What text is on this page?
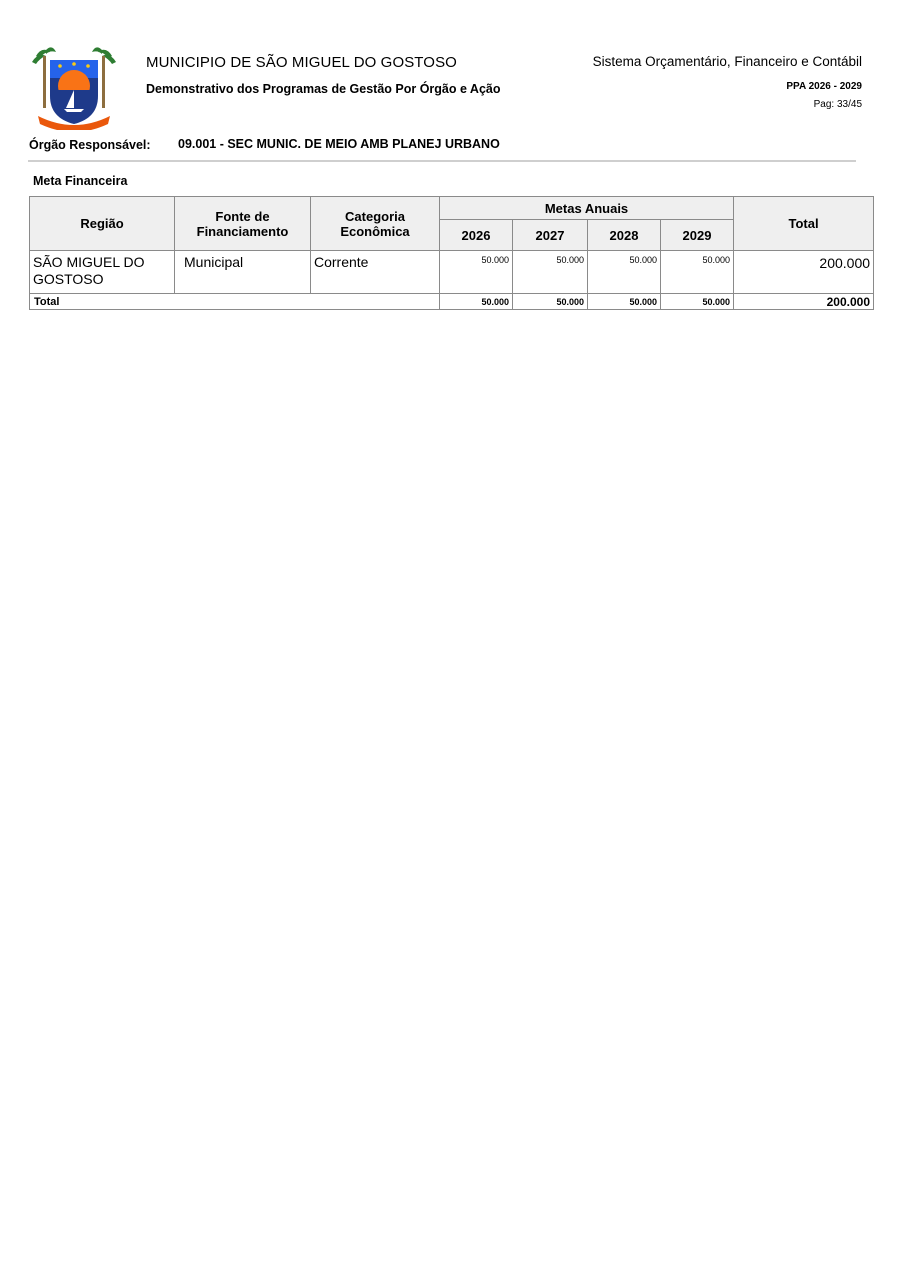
MUNICIPIO DE SÃO MIGUEL DO GOSTOSO
Demonstrativo dos Programas de Gestão Por Órgão e Ação
Sistema Orçamentário, Financeiro e Contábil
PPA 2026 - 2029
Pag: 33/45
Órgão Responsável: 09.001 - SEC MUNIC. DE MEIO AMB PLANEJ URBANO
Meta Financeira
Região	Fonte de Financiamento	Categoria Econômica	Metas Anuais				Total
			2026	2027	2028	2029	
SÃO MIGUEL DO GOSTOSO	Municipal	Corrente	50.000	50.000	50.000	50.000	200.000
Total			50.000	50.000	50.000	50.000	200.000
